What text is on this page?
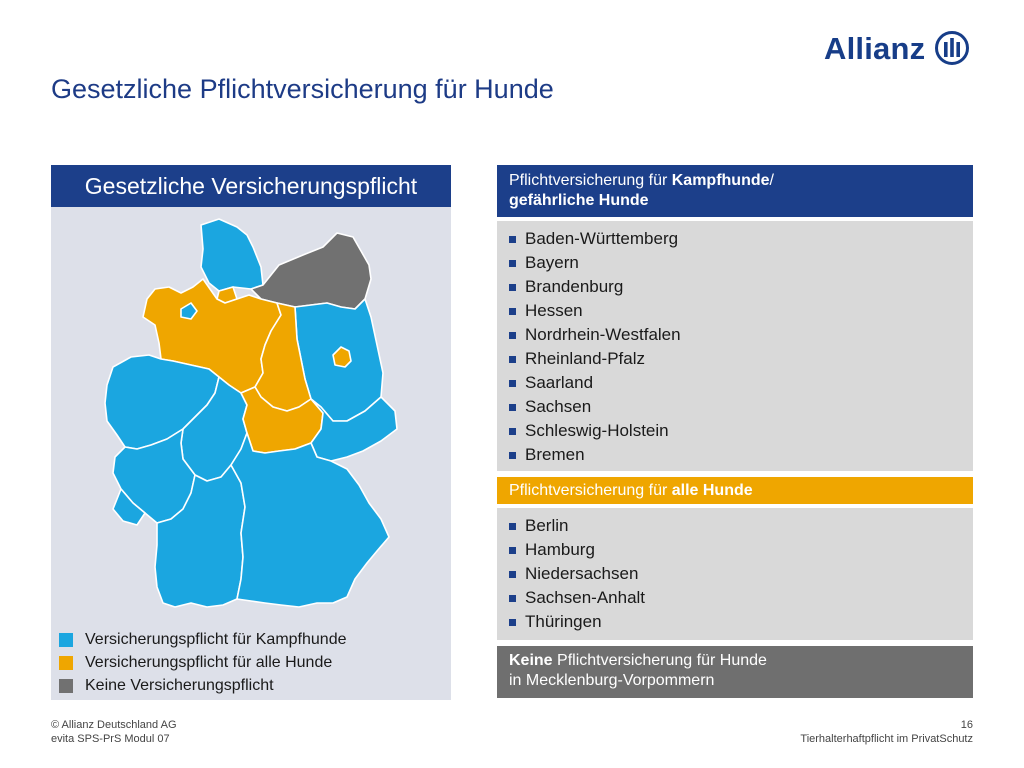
Allianz
Gesetzliche Pflichtversicherung für Hunde
Gesetzliche Versicherungspflicht
Versicherungspflicht für Kampfhunde
Versicherungspflicht für alle Hunde
Keine Versicherungspflicht
Pflichtversicherung für Kampfhunde/
gefährliche Hunde
Baden-Württemberg
Bayern
Brandenburg
Hessen
Nordrhein-Westfalen
Rheinland-Pfalz
Saarland
Sachsen
Schleswig-Holstein
Bremen
Pflichtversicherung für alle Hunde
Berlin
Hamburg
Niedersachsen
Sachsen-Anhalt
Thüringen
Keine Pflichtversicherung für Hunde
in Mecklenburg-Vorpommern
© Allianz Deutschland AG
evita SPS-PrS Modul 07
16
Tierhalterhaftpflicht im PrivatSchutz
